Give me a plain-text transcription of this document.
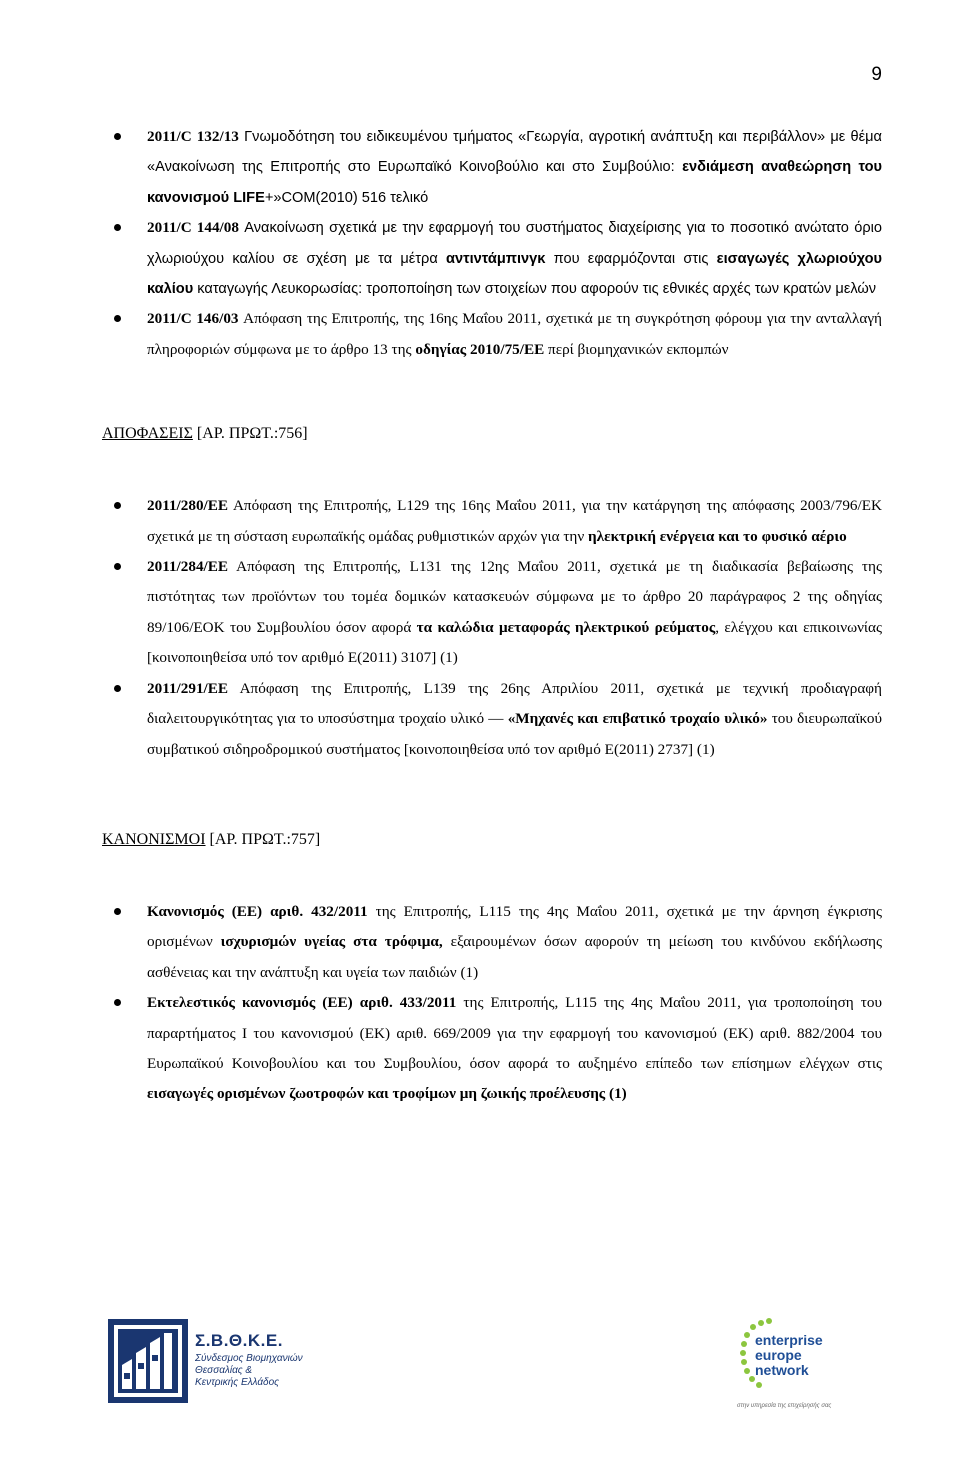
9
2011/C 132/13 Γνωμοδότηση του ειδικευμένου τμήματος «Γεωργία, αγροτική ανάπτυξη και περιβάλλον» με θέμα «Ανακοίνωση της Επιτροπής στο Ευρωπαϊκό Κοινοβούλιο και στο Συμβούλιο: ενδιάμεση αναθεώρηση του κανονισμού LIFE+»COM(2010) 516 τελικό
2011/C 144/08 Ανακοίνωση σχετικά με την εφαρμογή του συστήματος διαχείρισης για το ποσοτικό ανώτατο όριο χλωριούχου καλίου σε σχέση με τα μέτρα αντιντάμπινγκ που εφαρμόζονται στις εισαγωγές χλωριούχου καλίου καταγωγής Λευκορωσίας: τροποποίηση των στοιχείων που αφορούν τις εθνικές αρχές των κρατών μελών
2011/C 146/03 Απόφαση της Επιτροπής, της 16ης Μαΐου 2011, σχετικά με τη συγκρότηση φόρουμ για την ανταλλαγή πληροφοριών σύμφωνα με το άρθρο 13 της οδηγίας 2010/75/ΕΕ περί βιομηχανικών εκπομπών

ΑΠΟΦΑΣΕΙΣ [ΑΡ. ΠΡΩΤ.:756]

2011/280/ΕΕ Απόφαση της Επιτροπής, L129 της 16ης Μαΐου 2011, για την κατάργηση της απόφασης 2003/796/ΕΚ σχετικά με τη σύσταση ευρωπαϊκής ομάδας ρυθμιστικών αρχών για την ηλεκτρική ενέργεια και το φυσικό αέριο
2011/284/ΕΕ Απόφαση της Επιτροπής, L131 της 12ης Μαΐου 2011, σχετικά με τη διαδικασία βεβαίωσης της πιστότητας των προϊόντων του τομέα δομικών κατασκευών σύμφωνα με το άρθρο 20 παράγραφος 2 της οδηγίας 89/106/ΕΟΚ του Συμβουλίου όσον αφορά τα καλώδια μεταφοράς ηλεκτρικού ρεύματος, ελέγχου και επικοινωνίας [κοινοποιηθείσα υπό τον αριθμό Ε(2011) 3107] (1)
2011/291/ΕΕ Απόφαση της Επιτροπής, L139 της 26ης Απριλίου 2011, σχετικά με τεχνική προδιαγραφή διαλειτουργικότητας για το υποσύστημα τροχαίο υλικό — «Μηχανές και επιβατικό τροχαίο υλικό» του διευρωπαϊκού συμβατικού σιδηροδρομικού συστήματος [κοινοποιηθείσα υπό τον αριθμό Ε(2011) 2737] (1)

ΚΑΝΟΝΙΣΜΟΙ [ΑΡ. ΠΡΩΤ.:757]

Κανονισμός (ΕΕ) αριθ. 432/2011 της Επιτροπής, L115 της 4ης Μαΐου 2011, σχετικά με την άρνηση έγκρισης ορισμένων ισχυρισμών υγείας στα τρόφιμα, εξαιρουμένων όσων αφορούν τη μείωση του κινδύνου εκδήλωσης ασθένειας και την ανάπτυξη και υγεία των παιδιών (1)
Εκτελεστικός κανονισμός (ΕΕ) αριθ. 433/2011 της Επιτροπής, L115 της 4ης Μαΐου 2011, για τροποποίηση του παραρτήματος I του κανονισμού (ΕΚ) αριθ. 669/2009 για την εφαρμογή του κανονισμού (ΕΚ) αριθ. 882/2004 του Ευρωπαϊκού Κοινοβουλίου και του Συμβουλίου, όσον αφορά το αυξημένο επίπεδο των επίσημων ελέγχων στις εισαγωγές ορισμένων ζωοτροφών και τροφίμων μη ζωικής προέλευσης (1)
Σ.Β.Θ.Κ.Ε.
Σύνδεσμος Βιομηχανιών
Θεσσαλίας &
Κεντρικής Ελλάδος
enterprise
europe
network
στην υπηρεσία της επιχείρησής σας
